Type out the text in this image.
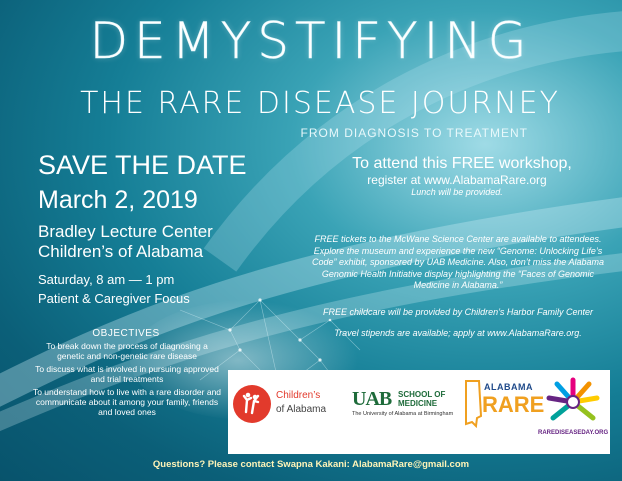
DEMYSTIFYING
THE RARE DISEASE JOURNEY
FROM DIAGNOSIS TO TREATMENT
SAVE THE DATE
March 2, 2019
Bradley Lecture Center
Children’s of Alabama
Saturday, 8 am — 1 pm
Patient & Caregiver Focus
OBJECTIVES
To break down the process of diagnosing a genetic and non-genetic rare disease
To discuss what is involved in pursuing approved and trial treatments
To understand how to live with a rare disorder and communicate about it among your family, friends and loved ones
To attend this FREE workshop,
register at www.AlabamaRare.org
Lunch will be provided.
FREE tickets to the McWane Science Center are available to attendees. Explore the museum and experience the new “Genome: Unlocking Life’s Code” exhibit, sponsored by UAB Medicine. Also, don’t miss the Alabama Genomic Health Initiative display highlighting the “Faces of Genomic Medicine in Alabama.”
FREE childcare will be provided by Children’s Harbor Family Center
Travel stipends are available; apply at www.AlabamaRare.org.
Children’s
of Alabama UAB SCHOOL OF
MEDICINE
The University of Alabama at Birmingham
ALABAMA
RARE
RAREDISEASEDAY.ORG
Questions? Please contact Swapna Kakani: AlabamaRare@gmail.com
